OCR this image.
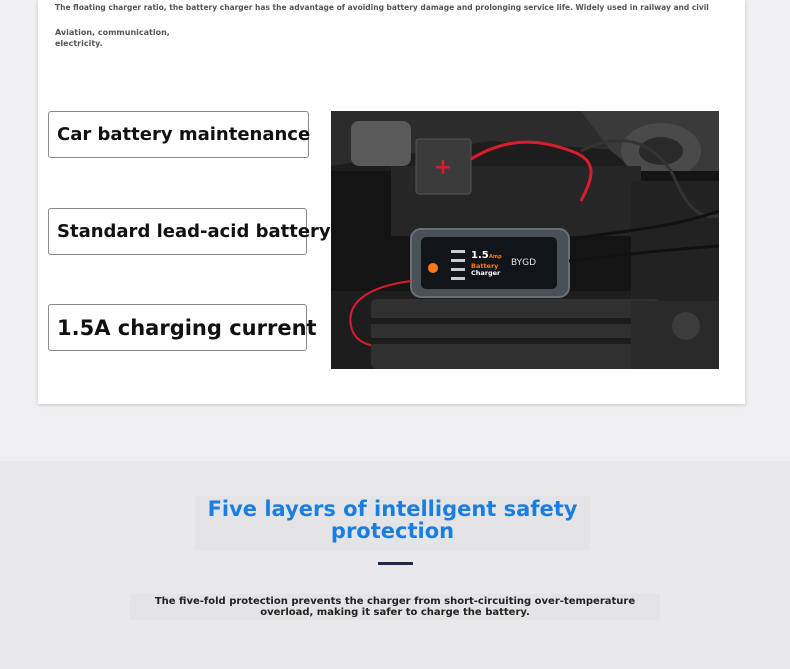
The floating charger ratio, the battery charger has the advantage of avoiding battery damage and prolonging service life. Widely used in railway and civil
Aviation, communication, electricity.
Car battery maintenance
Standard lead-acid battery
1.5A charging current
+
1.5 Amp
Battery
Charger
BYGD
Five layers of intelligent safety protection
The five-fold protection prevents the charger from short-circuiting over-temperature overload, making it safer to charge the battery.
